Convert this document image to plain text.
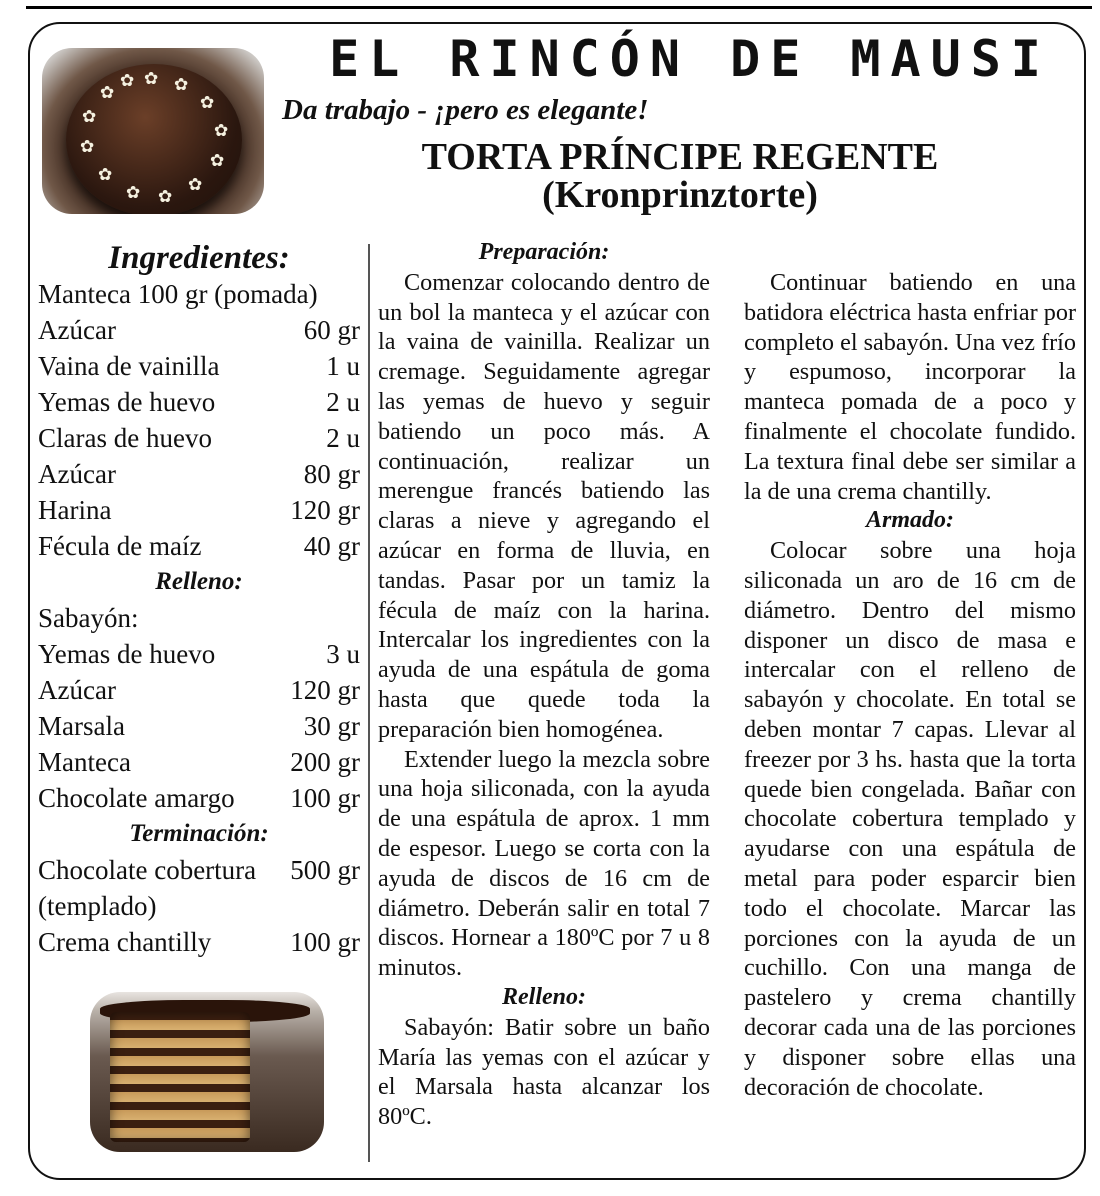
✿ ✿
✿
✿
✿
✿
✿
✿
✿
✿
✿
✿
✿	EL RINCÓN DE MAUSI
Da trabajo - ¡pero es elegante!
TORTA PRÍNCIPE REGENTE
(Kronprinztorte)
Ingredientes:
Manteca 100 gr (pomada)
Azúcar	60 gr
Vaina de vainilla	1 u
Yemas de huevo	2 u
Claras de huevo	2 u
Azúcar	80 gr
Harina	120 gr
Fécula de maíz	40 gr
Relleno:
Sabayón:
Yemas de huevo	3 u
Azúcar	120 gr
Marsala	30 gr
Manteca	200 gr
Chocolate amargo 100 gr
Terminación:
Chocolate cobertura 500 gr
(templado)
Crema chantilly	100 gr

Preparación:

Comenzar colocando dentro de un bol la manteca y el azúcar con la vaina de vainilla. Realizar un cremage. Seguidamente agregar las yemas de huevo y seguir batiendo un poco más. A continuación, realizar un merengue francés batiendo las claras a nieve y agregando el azúcar en forma de lluvia, en tandas. Pasar por un tamiz la fécula de maíz con la harina. Intercalar los ingredientes con la ayuda de una espátula de goma hasta que quede toda la preparación bien homogénea.

Extender luego la mezcla sobre una hoja siliconada, con la ayuda de una espátula de aprox. 1 mm de espesor. Luego se corta con la ayuda de discos de 16 cm de diámetro. Deberán salir en total 7 discos. Hornear a 180ºC por 7 u 8 minutos.

Relleno:

Sabayón: Batir sobre un baño María las yemas con el azúcar y el Marsala hasta alcanzar los 80ºC.

Continuar batiendo en una batidora eléctrica hasta enfriar por completo el sabayón. Una vez frío y espumoso, incorporar la manteca pomada de a poco y finalmente el chocolate fundido. La textura final debe ser similar a la de una crema chantilly.

Armado:

Colocar sobre una hoja siliconada un aro de 16 cm de diámetro. Dentro del mismo disponer un disco de masa e intercalar con el relleno de sabayón y chocolate. En total se deben montar 7 capas. Llevar al freezer por 3 hs. hasta que la torta quede bien congelada. Bañar con chocolate cobertura templado y ayudarse con una espátula de metal para poder esparcir bien todo el chocolate. Marcar las porciones con la ayuda de un cuchillo. Con una manga de pastelero y crema chantilly decorar cada una de las porciones y disponer sobre ellas una decoración de chocolate.
